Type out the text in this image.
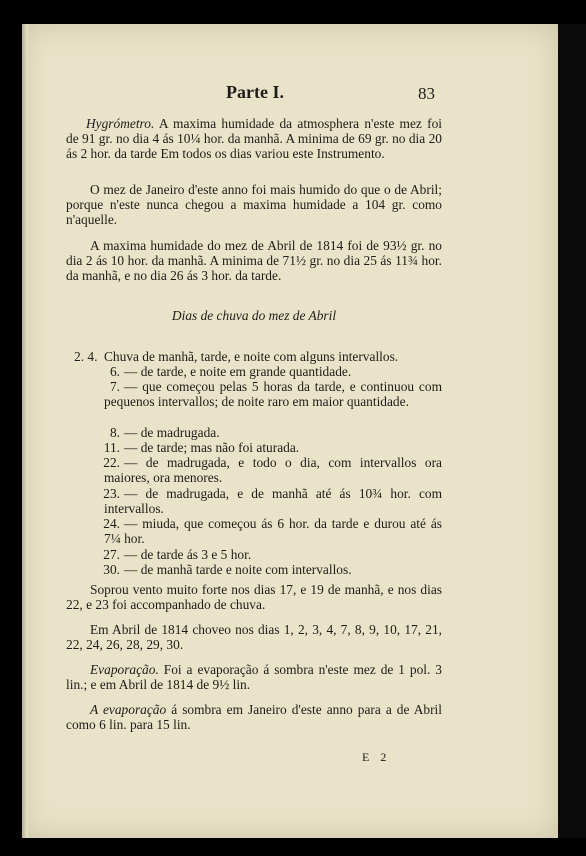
Parte I.	83
Hygrómetro. A maxima humidade da atmosphera n'este mez foi de 91 gr. no dia 4 ás 10¼ hor. da manhã. A minima de 69 gr. no dia 20 ás 2 hor. da tarde Em todos os dias variou este Instrumento.
O mez de Janeiro d'este anno foi mais humido do que o de Abril; porque n'este nunca chegou a maxima humidade a 104 gr. como n'aquelle.
A maxima humidade do mez de Abril de 1814 foi de 93½ gr. no dia 2 ás 10 hor. da manhã. A minima de 71½ gr. no dia 25 ás 11¾ hor. da manhã, e no dia 26 ás 3 hor. da tarde.
Dias de chuva do mez de Abril
2. 4. Chuva de manhã, tarde, e noite com alguns intervallos.
6. — de tarde, e noite em grande quantidade.
7. — que começou pelas 5 horas da tarde, e continuou com pequenos intervallos; de noite raro em maior quantidade.
8. — de madrugada.
11. — de tarde; mas não foi aturada.
22. — de madrugada, e todo o dia, com intervallos ora maiores, ora menores.
23. — de madrugada, e de manhã até ás 10¾ hor. com intervallos.
24. — miuda, que começou ás 6 hor. da tarde e durou até ás 7¼ hor.
27. — de tarde ás 3 e 5 hor.
30. — de manhã tarde e noite com intervallos.
Soprou vento muito forte nos dias 17, e 19 de manhã, e nos dias 22, e 23 foi accompanhado de chuva.
Em Abril de 1814 choveo nos dias 1, 2, 3, 4, 7, 8, 9, 10, 17, 21, 22, 24, 26, 28, 29, 30.
Evaporação. Foi a evaporação á sombra n'este mez de 1 pol. 3 lin.; e em Abril de 1814 de 9½ lin.
A evaporação á sombra em Janeiro d'este anno para a de Abril como 6 lin. para 15 lin.
E 2
